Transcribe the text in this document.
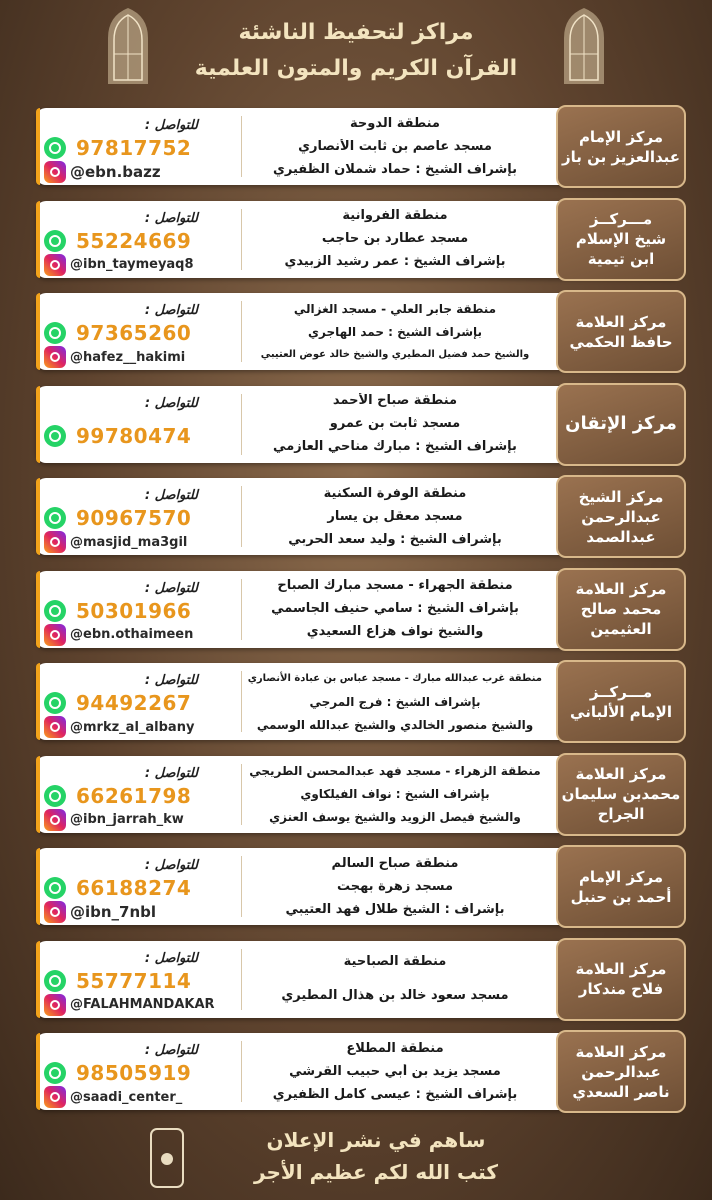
مراكز لتحفيظ الناشئة
القرآن الكريم والمتون العلمية
للتواصل :
97817752
@ebn.bazz
منطقة الدوحة
مسجد عاصم بن ثابت الأنصاري
بإشراف الشيخ : حماد شملان الظفيري
مركز الإمام
عبدالعزيز بن باز
للتواصل :
55224669
@ibn_taymeyaq8
منطقة الفروانية
مسجد عطارد بن حاجب
بإشراف الشيخ : عمر رشيد الزبيدي
مـــركــز
شيخ الإسلام
ابن تيمية
للتواصل :
97365260
@hafez__hakimi
منطقة جابر العلي - مسجد الغزالي
بإشراف الشيخ : حمد الهاجري
والشيخ حمد فضيل المطيري والشيخ خالد عوض العتيبي
مركز العلامة
حافظ الحكمي
للتواصل :
99780474
منطقة صباح الأحمد
مسجد ثابت بن عمرو
بإشراف الشيخ : مبارك مناحي العازمي
مركز الإتقان
للتواصل :
90967570
@masjid_ma3gil
منطقة الوفرة السكنية
مسجد معقل بن يسار
بإشراف الشيخ : وليد سعد الحربي
مركز الشيخ
عبدالرحمن
عبدالصمد
للتواصل :
50301966
@ebn.othaimeen
منطقة الجهراء - مسجد مبارك الصباح
بإشراف الشيخ : سامي حنيف الجاسمي
والشيخ نواف هزاع السعيدي
مركز العلامة
محمد صالح
العثيمين
للتواصل :
94492267
@mrkz_al_albany
منطقة غرب عبدالله مبارك - مسجد عباس بن عبادة الأنصاري
بإشراف الشيخ : فرج المرجي
والشيخ منصور الخالدي والشيخ عبدالله الوسمي
مـــركــز
الإمام الألباني
للتواصل :
66261798
@ibn_jarrah_kw
منطقة الزهراء - مسجد فهد عبدالمحسن الطريجي
بإشراف الشيخ : نواف الفيلكاوي
والشيخ فيصل الزويد والشيخ يوسف العنزي
مركز العلامة
محمدبن سليمان
الجراح
للتواصل :
66188274
@ibn_7nbl
منطقة صباح السالم
مسجد زهرة بهجت
بإشراف : الشيخ طلال فهد العتيبي
مركز الإمام
أحمد بن حنبل
للتواصل :
55777114
@FALAHMANDAKAR
منطقة الصباحية
مسجد سعود خالد بن هذال المطيري
مركز العلامة
فلاح مندكار
للتواصل :
98505919
@saadi_center_
منطقة المطلاع
مسجد يزيد بن أبي حبيب القرشي
بإشراف الشيخ : عيسى كامل الظفيري
مركز العلامة
عبدالرحمن
ناصر السعدي
ساهم في نشر الإعلان
كتب الله لكم عظيم الأجر
